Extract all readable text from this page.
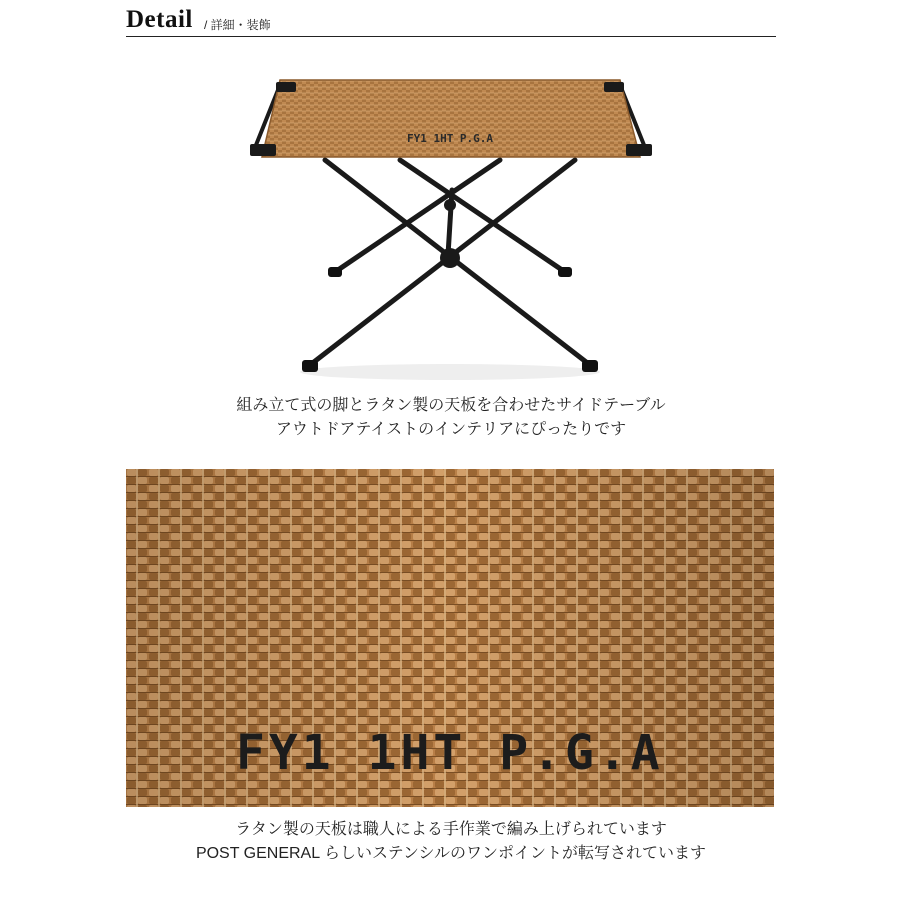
Detail / 詳細・装飾
FY1 1HT P.G.A
組み立て式の脚とラタン製の天板を合わせたサイドテーブル
アウトドアテイストのインテリアにぴったりです
FY1 1HT P.G.A
ラタン製の天板は職人による手作業で編み上げられています
POST GENERAL らしいステンシルのワンポイントが転写されています
